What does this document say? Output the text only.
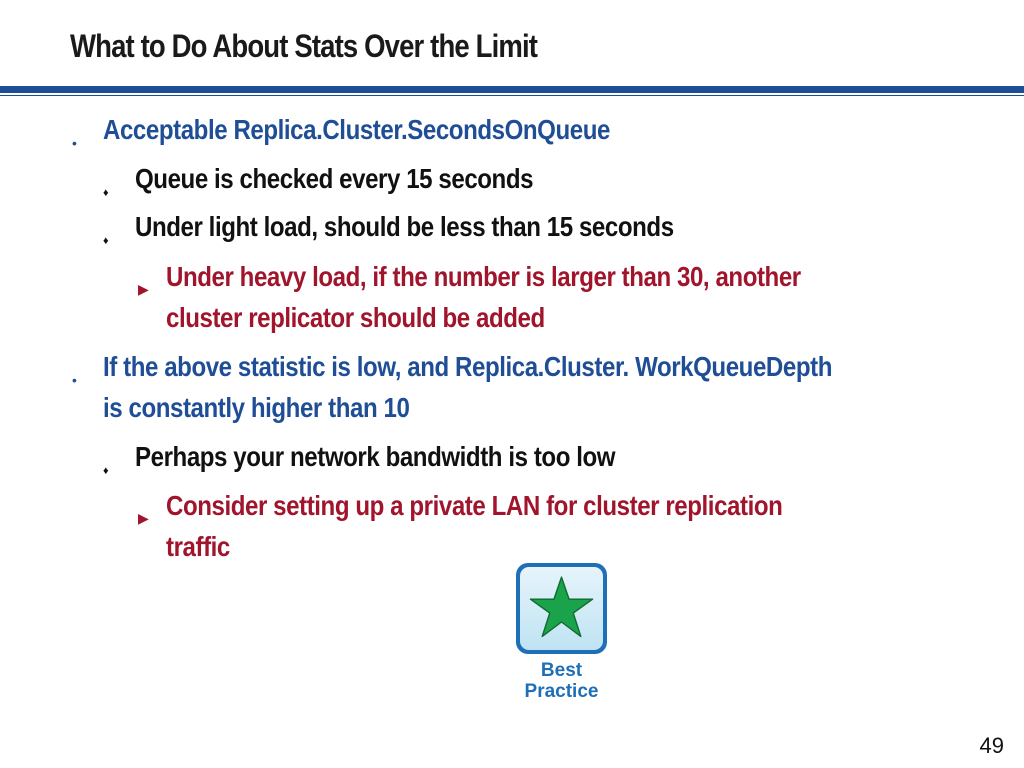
What to Do About Stats Over the Limit
• Acceptable Replica.Cluster.SecondsOnQueue
♦ Queue is checked every 15 seconds
♦ Under light load, should be less than 15 seconds
▶ Under heavy load, if the number is larger than 30, another
cluster replicator should be added
• If the above statistic is low, and Replica.Cluster. WorkQueueDepth
is constantly higher than 10
♦ Perhaps your network bandwidth is too low
▶ Consider setting up a private LAN for cluster replication
traffic
Best
Practice
49
